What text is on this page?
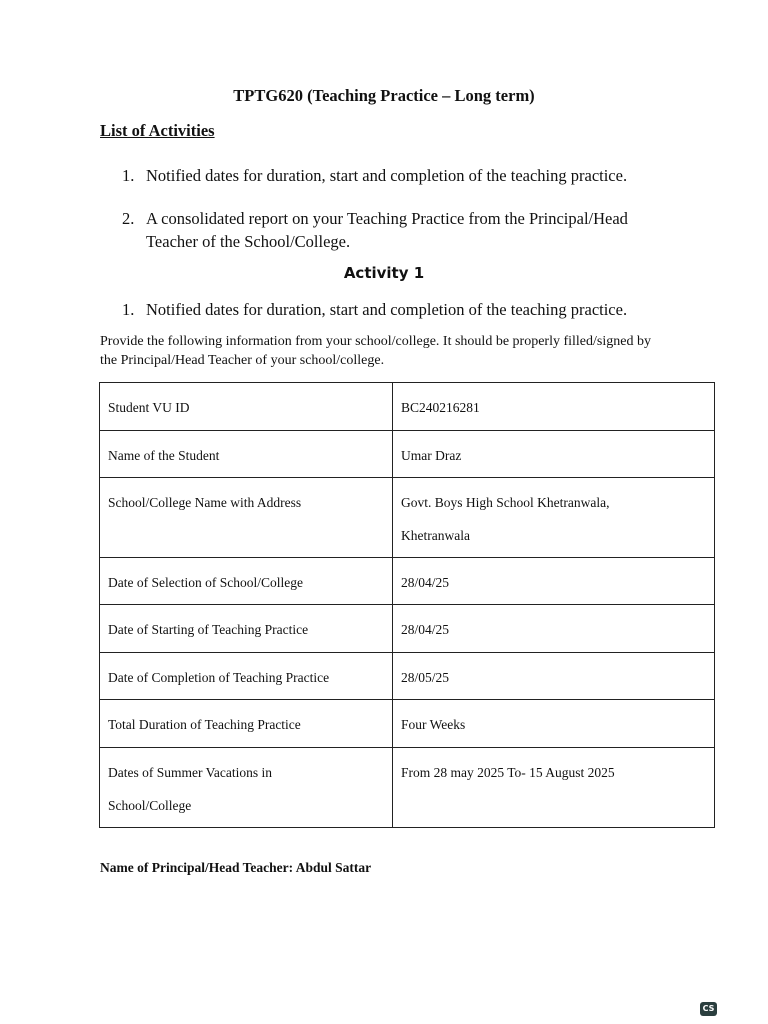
TPTG620 (Teaching Practice – Long term)
List of Activities
1. Notified dates for duration, start and completion of the teaching practice.
2. A consolidated report on your Teaching Practice from the Principal/Head Teacher of the School/College.
Activity 1
1. Notified dates for duration, start and completion of the teaching practice.
Provide the following information from your school/college. It should be properly filled/signed by the Principal/Head Teacher of your school/college.
Student VU ID	BC240216281

Name of the Student	Umar Draz

School/College Name with Address	Govt. Boys High School Khetranwala, Khetranwala

Date of Selection of School/College	28/04/25

Date of Starting of Teaching Practice	28/04/25

Date of Completion of Teaching Practice	28/05/25

Total Duration of Teaching Practice	Four Weeks

Dates of Summer Vacations in School/College	From 28 may 2025 To- 15 August 2025
Name of Principal/Head Teacher: Abdul Sattar
CS
